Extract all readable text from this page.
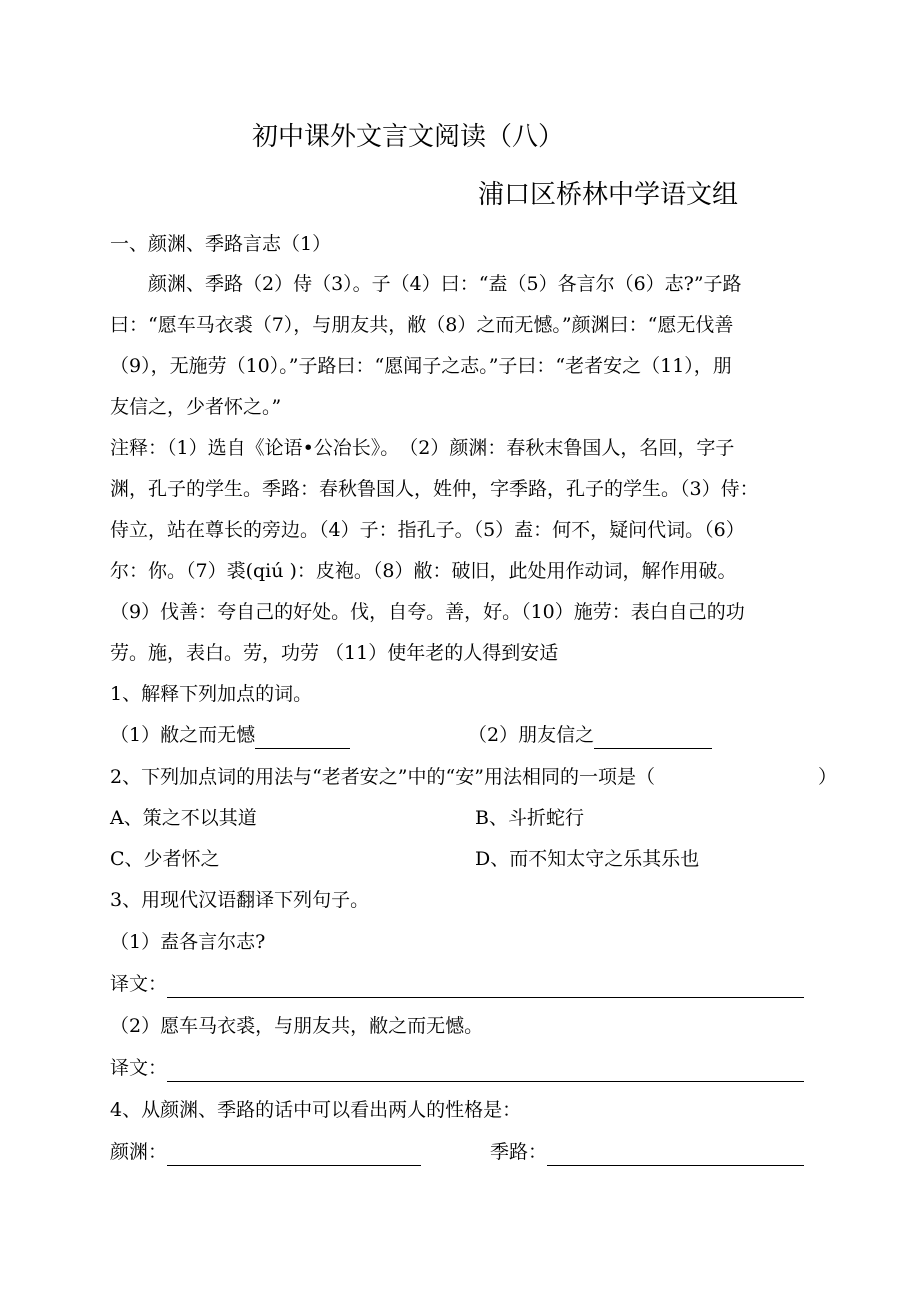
初中课外文言文阅读（八）
浦口区桥林中学语文组
一、颜渊、季路言志（1）
　　颜渊、季路（2）侍（3）。子（4）曰：“盍（5）各言尔（6）志?”子路
曰：“愿车马衣裘（7），与朋友共，敝（8）之而无憾。”颜渊曰：“愿无伐善
（9），无施劳（10）。”子路曰：“愿闻子之志。”子曰：“老者安之（11），朋
友信之，少者怀之。”
注释：（1）选自《论语•公冶长》。　（2）颜渊：春秋末鲁国人，名回，字子
渊，孔子的学生。季路：春秋鲁国人，姓仲，字季路，孔子的学生。（3）侍：
侍立，站在尊长的旁边。（4）子：指孔子。（5）盍：何不，疑问代词。（6）
尔：你。（7）裘(qiú )：皮袍。（8）敝：破旧，此处用作动词，解作用破。
（9）伐善：夸自己的好处。伐，自夸。善，好。（10）施劳：表白自己的功
劳。施，表白。劳，功劳 （11）使年老的人得到安适
1、解释下列加点的词。
（1）敝之而无憾	（2）朋友信之
2、下列加点词的用法与“老者安之”中的“安”用法相同的一项是（	）
A、策之不以其道	B、斗折蛇行
C、少者怀之	D、而不知太守之乐其乐也
3、用现代汉语翻译下列句子。
（1）盍各言尔志?
译文：
（2）愿车马衣裘，与朋友共，敝之而无憾。
译文：
4、从颜渊、季路的话中可以看出两人的性格是：
颜渊：	季路：
